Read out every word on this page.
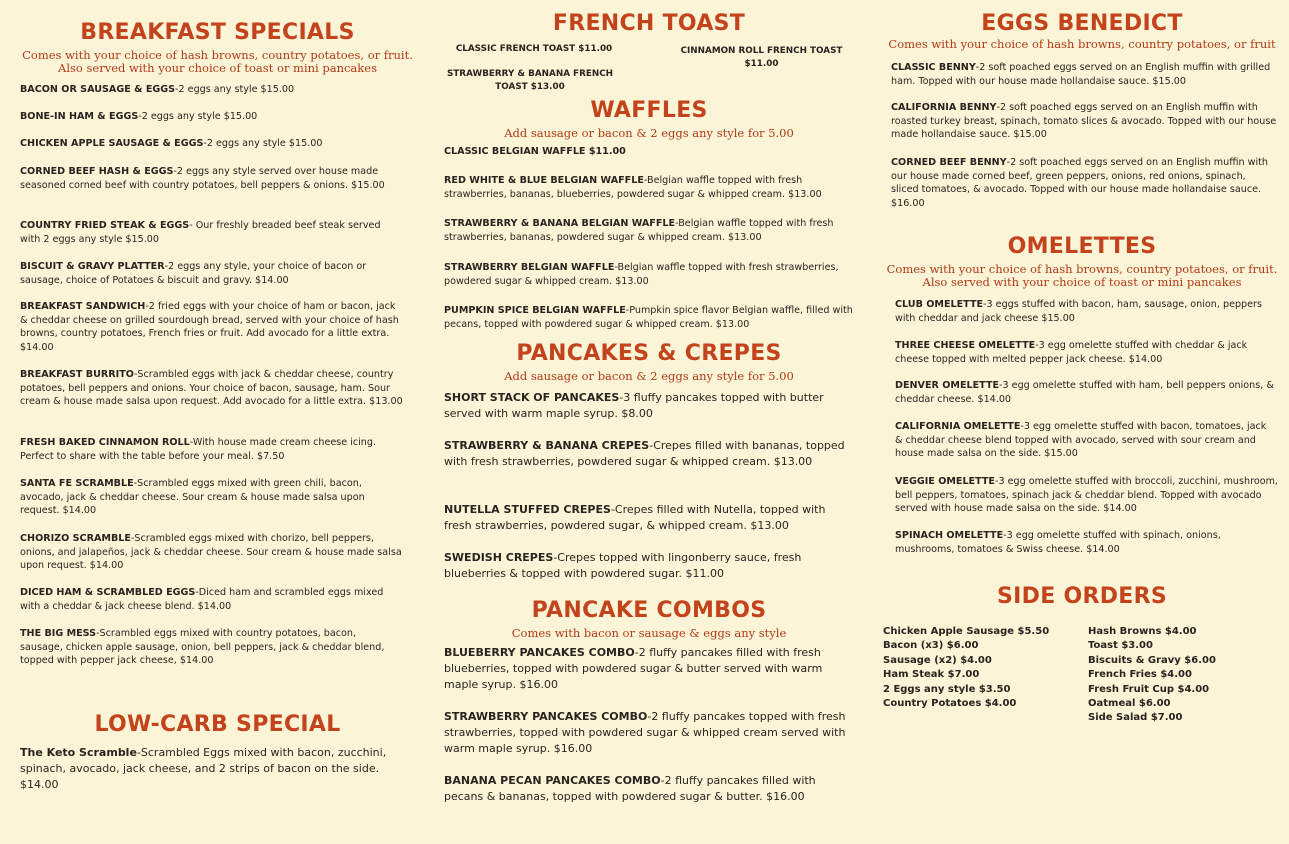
BREAKFAST SPECIALS
Comes with your choice of hash browns, country potatoes, or fruit.
Also served with your choice of toast or mini pancakes
BACON OR SAUSAGE & EGGS-2 eggs any style $15.00
BONE-IN HAM & EGGS-2 eggs any style $15.00
CHICKEN APPLE SAUSAGE & EGGS-2 eggs any style $15.00
CORNED BEEF HASH & EGGS-2 eggs any style served over house made seasoned corned beef with country potatoes, bell peppers & onions. $15.00
COUNTRY FRIED STEAK & EGGS- Our freshly breaded beef steak served with 2 eggs any style $15.00
BISCUIT & GRAVY PLATTER-2 eggs any style, your choice of bacon or sausage, choice of Potatoes & biscuit and gravy. $14.00
BREAKFAST SANDWICH-2 fried eggs with your choice of ham or bacon, jack & cheddar cheese on grilled sourdough bread, served with your choice of hash browns, country potatoes, French fries or fruit. Add avocado for a little extra. $14.00
BREAKFAST BURRITO-Scrambled eggs with jack & cheddar cheese, country potatoes, bell peppers and onions. Your choice of bacon, sausage, ham. Sour cream & house made salsa upon request. Add avocado for a little extra. $13.00
FRESH BAKED CINNAMON ROLL-With house made cream cheese icing. Perfect to share with the table before your meal. $7.50
SANTA FE SCRAMBLE-Scrambled eggs mixed with green chili, bacon, avocado, jack & cheddar cheese. Sour cream & house made salsa upon request. $14.00
CHORIZO SCRAMBLE-Scrambled eggs mixed with chorizo, bell peppers, onions, and jalapeños, jack & cheddar cheese. Sour cream & house made salsa upon request. $14.00
DICED HAM & SCRAMBLED EGGS-Diced ham and scrambled eggs mixed with a cheddar & jack cheese blend. $14.00
THE BIG MESS-Scrambled eggs mixed with country potatoes, bacon, sausage, chicken apple sausage, onion, bell peppers, jack & cheddar blend, topped with pepper jack cheese, $14.00
LOW-CARB SPECIAL
The Keto Scramble-Scrambled Eggs mixed with bacon, zucchini, spinach, avocado, jack cheese, and 2 strips of bacon on the side. $14.00
FRENCH TOAST
CLASSIC FRENCH TOAST $11.00	CINNAMON ROLL FRENCH TOAST $11.00
STRAWBERRY & BANANA FRENCH TOAST $13.00
WAFFLES
Add sausage or bacon & 2 eggs any style for 5.00
CLASSIC BELGIAN WAFFLE $11.00
RED WHITE & BLUE BELGIAN WAFFLE-Belgian waffle topped with fresh strawberries, bananas, blueberries, powdered sugar & whipped cream. $13.00
STRAWBERRY & BANANA BELGIAN WAFFLE-Belgian waffle topped with fresh strawberries, bananas, powdered sugar & whipped cream. $13.00
STRAWBERRY BELGIAN WAFFLE-Belgian waffle topped with fresh strawberries, powdered sugar & whipped cream. $13.00
PUMPKIN SPICE BELGIAN WAFFLE-Pumpkin spice flavor Belgian waffle, filled with pecans, topped with powdered sugar & whipped cream. $13.00
PANCAKES & CREPES
Add sausage or bacon & 2 eggs any style for 5.00
SHORT STACK OF PANCAKES-3 fluffy pancakes topped with butter served with warm maple syrup. $8.00
STRAWBERRY & BANANA CREPES-Crepes filled with bananas, topped with fresh strawberries, powdered sugar & whipped cream. $13.00
NUTELLA STUFFED CREPES-Crepes filled with Nutella, topped with fresh strawberries, powdered sugar, & whipped cream. $13.00
SWEDISH CREPES-Crepes topped with lingonberry sauce, fresh blueberries & topped with powdered sugar. $11.00
PANCAKE COMBOS
Comes with bacon or sausage & eggs any style
BLUEBERRY PANCAKES COMBO-2 fluffy pancakes filled with fresh blueberries, topped with powdered sugar & butter served with warm maple syrup. $16.00
STRAWBERRY PANCAKES COMBO-2 fluffy pancakes topped with fresh strawberries, topped with powdered sugar & whipped cream served with warm maple syrup. $16.00
BANANA PECAN PANCAKES COMBO-2 fluffy pancakes filled with pecans & bananas, topped with powdered sugar & butter. $16.00
EGGS BENEDICT
Comes with your choice of hash browns, country potatoes, or fruit
CLASSIC BENNY-2 soft poached eggs served on an English muffin with grilled ham. Topped with our house made hollandaise sauce. $15.00
CALIFORNIA BENNY-2 soft poached eggs served on an English muffin with roasted turkey breast, spinach, tomato slices & avocado. Topped with our house made hollandaise sauce. $15.00
CORNED BEEF BENNY-2 soft poached eggs served on an English muffin with our house made corned beef, green peppers, onions, red onions, spinach, sliced tomatoes, & avocado. Topped with our house made hollandaise sauce. $16.00
OMELETTES
Comes with your choice of hash browns, country potatoes, or fruit.
Also served with your choice of toast or mini pancakes
CLUB OMELETTE-3 eggs stuffed with bacon, ham, sausage, onion, peppers with cheddar and jack cheese $15.00
THREE CHEESE OMELETTE-3 egg omelette stuffed with cheddar & jack cheese topped with melted pepper jack cheese. $14.00
DENVER OMELETTE-3 egg omelette stuffed with ham, bell peppers onions, & cheddar cheese. $14.00
CALIFORNIA OMELETTE-3 egg omelette stuffed with bacon, tomatoes, jack & cheddar cheese blend topped with avocado, served with sour cream and house made salsa on the side. $15.00
VEGGIE OMELETTE-3 egg omelette stuffed with broccoli, zucchini, mushroom, bell peppers, tomatoes, spinach jack & cheddar blend. Topped with avocado served with house made salsa on the side. $14.00
SPINACH OMELETTE-3 egg omelette stuffed with spinach, onions, mushrooms, tomatoes & Swiss cheese. $14.00
SIDE ORDERS
Chicken Apple Sausage $5.50
Bacon (x3) $6.00
Sausage (x2) $4.00
Ham Steak $7.00
2 Eggs any style $3.50
Country Potatoes $4.00
Hash Browns $4.00
Toast $3.00
Biscuits & Gravy $6.00
French Fries $4.00
Fresh Fruit Cup $4.00
Oatmeal $6.00
Side Salad $7.00
